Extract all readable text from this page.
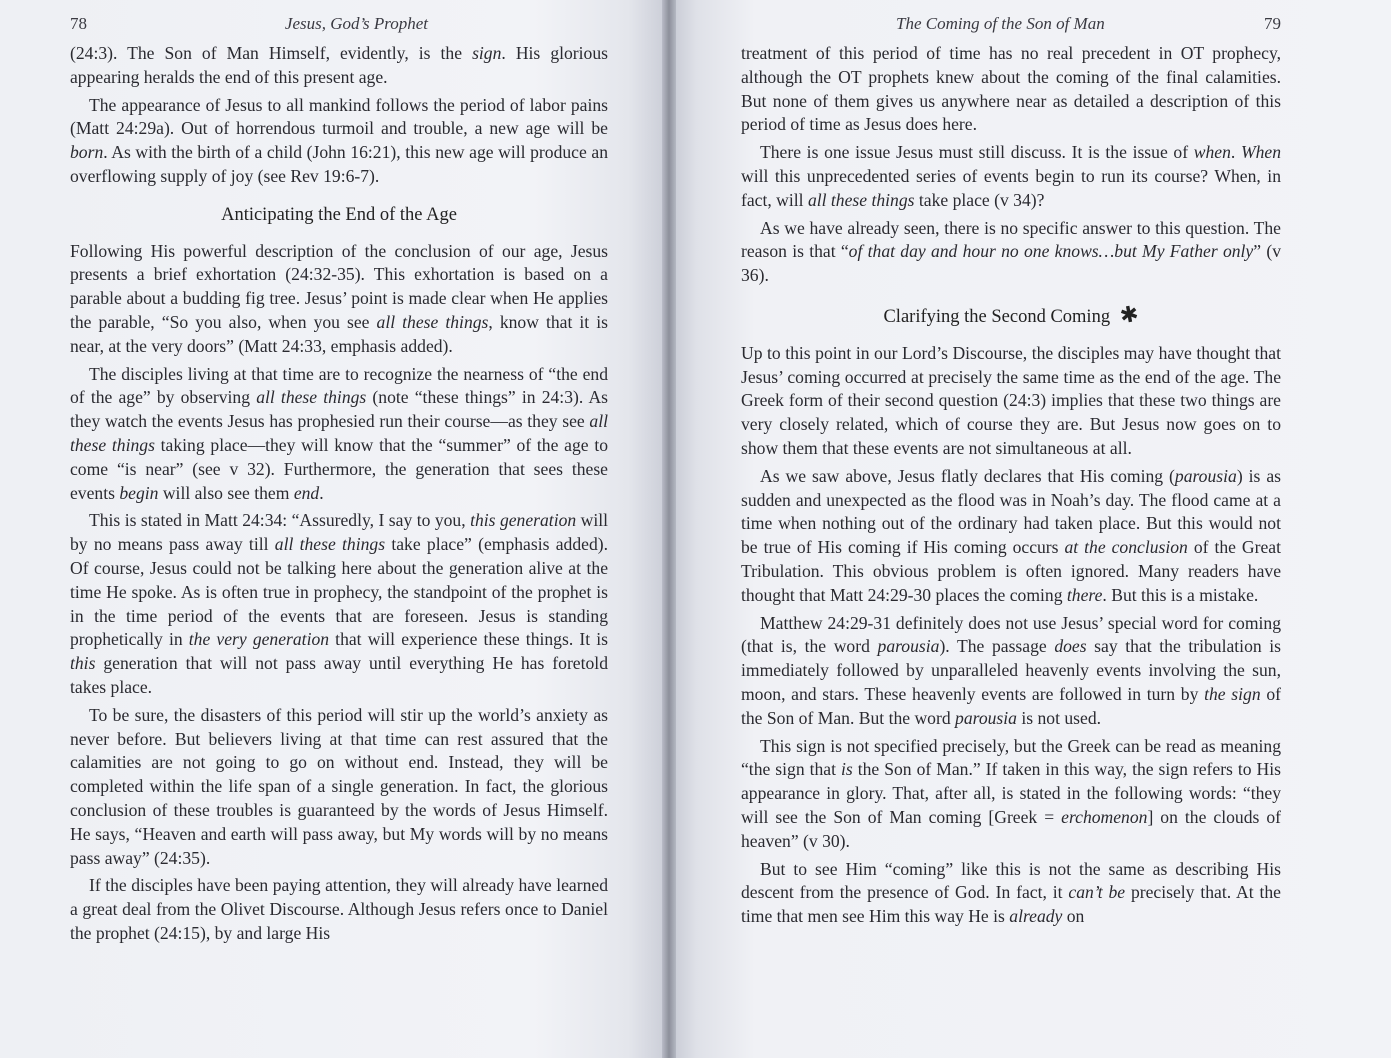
78	Jesus, God’s Prophet

(24:3). The Son of Man Himself, evidently, is the sign. His glorious appearing heralds the end of this present age.

The appearance of Jesus to all mankind follows the period of labor pains (Matt 24:29a). Out of horrendous turmoil and trouble, a new age will be born. As with the birth of a child (John 16:21), this new age will produce an overflowing supply of joy (see Rev 19:6-7).

Anticipating the End of the Age

Following His powerful description of the conclusion of our age, Jesus presents a brief exhortation (24:32-35). This exhortation is based on a parable about a budding fig tree. Jesus’ point is made clear when He applies the parable, “So you also, when you see all these things, know that it is near, at the very doors” (Matt 24:33, emphasis added).

The disciples living at that time are to recognize the nearness of “the end of the age” by observing all these things (note “these things” in 24:3). As they watch the events Jesus has prophesied run their course—as they see all these things taking place—they will know that the “summer” of the age to come “is near” (see v 32). Furthermore, the generation that sees these events begin will also see them end.

This is stated in Matt 24:34: “Assuredly, I say to you, this generation will by no means pass away till all these things take place” (emphasis added). Of course, Jesus could not be talking here about the generation alive at the time He spoke. As is often true in prophecy, the standpoint of the prophet is in the time period of the events that are foreseen. Jesus is standing prophetically in the very generation that will experience these things. It is this generation that will not pass away until everything He has foretold takes place.

To be sure, the disasters of this period will stir up the world’s anxiety as never before. But believers living at that time can rest assured that the calamities are not going to go on without end. Instead, they will be completed within the life span of a single generation. In fact, the glorious conclusion of these troubles is guaranteed by the words of Jesus Himself. He says, “Heaven and earth will pass away, but My words will by no means pass away” (24:35).

If the disciples have been paying attention, they will already have learned a great deal from the Olivet Discourse. Although Jesus refers once to Daniel the prophet (24:15), by and large His

The Coming of the Son of Man	79

treatment of this period of time has no real precedent in OT prophecy, although the OT prophets knew about the coming of the final calamities. But none of them gives us anywhere near as detailed a description of this period of time as Jesus does here.

There is one issue Jesus must still discuss. It is the issue of when. When will this unprecedented series of events begin to run its course? When, in fact, will all these things take place (v 34)?

As we have already seen, there is no specific answer to this question. The reason is that “of that day and hour no one knows…but My Father only” (v 36).

Clarifying the Second Coming ✱

Up to this point in our Lord’s Discourse, the disciples may have thought that Jesus’ coming occurred at precisely the same time as the end of the age. The Greek form of their second question (24:3) implies that these two things are very closely related, which of course they are. But Jesus now goes on to show them that these events are not simultaneous at all.

As we saw above, Jesus flatly declares that His coming (parousia) is as sudden and unexpected as the flood was in Noah’s day. The flood came at a time when nothing out of the ordinary had taken place. But this would not be true of His coming if His coming occurs at the conclusion of the Great Tribulation. This obvious problem is often ignored. Many readers have thought that Matt 24:29-30 places the coming there. But this is a mistake.

Matthew 24:29-31 definitely does not use Jesus’ special word for coming (that is, the word parousia). The passage does say that the tribulation is immediately followed by unparalleled heavenly events involving the sun, moon, and stars. These heavenly events are followed in turn by the sign of the Son of Man. But the word parousia is not used.

This sign is not specified precisely, but the Greek can be read as meaning “the sign that is the Son of Man.” If taken in this way, the sign refers to His appearance in glory. That, after all, is stated in the following words: “they will see the Son of Man coming [Greek = erchomenon] on the clouds of heaven” (v 30).

But to see Him “coming” like this is not the same as describing His descent from the presence of God. In fact, it can’t be precisely that. At the time that men see Him this way He is already on
